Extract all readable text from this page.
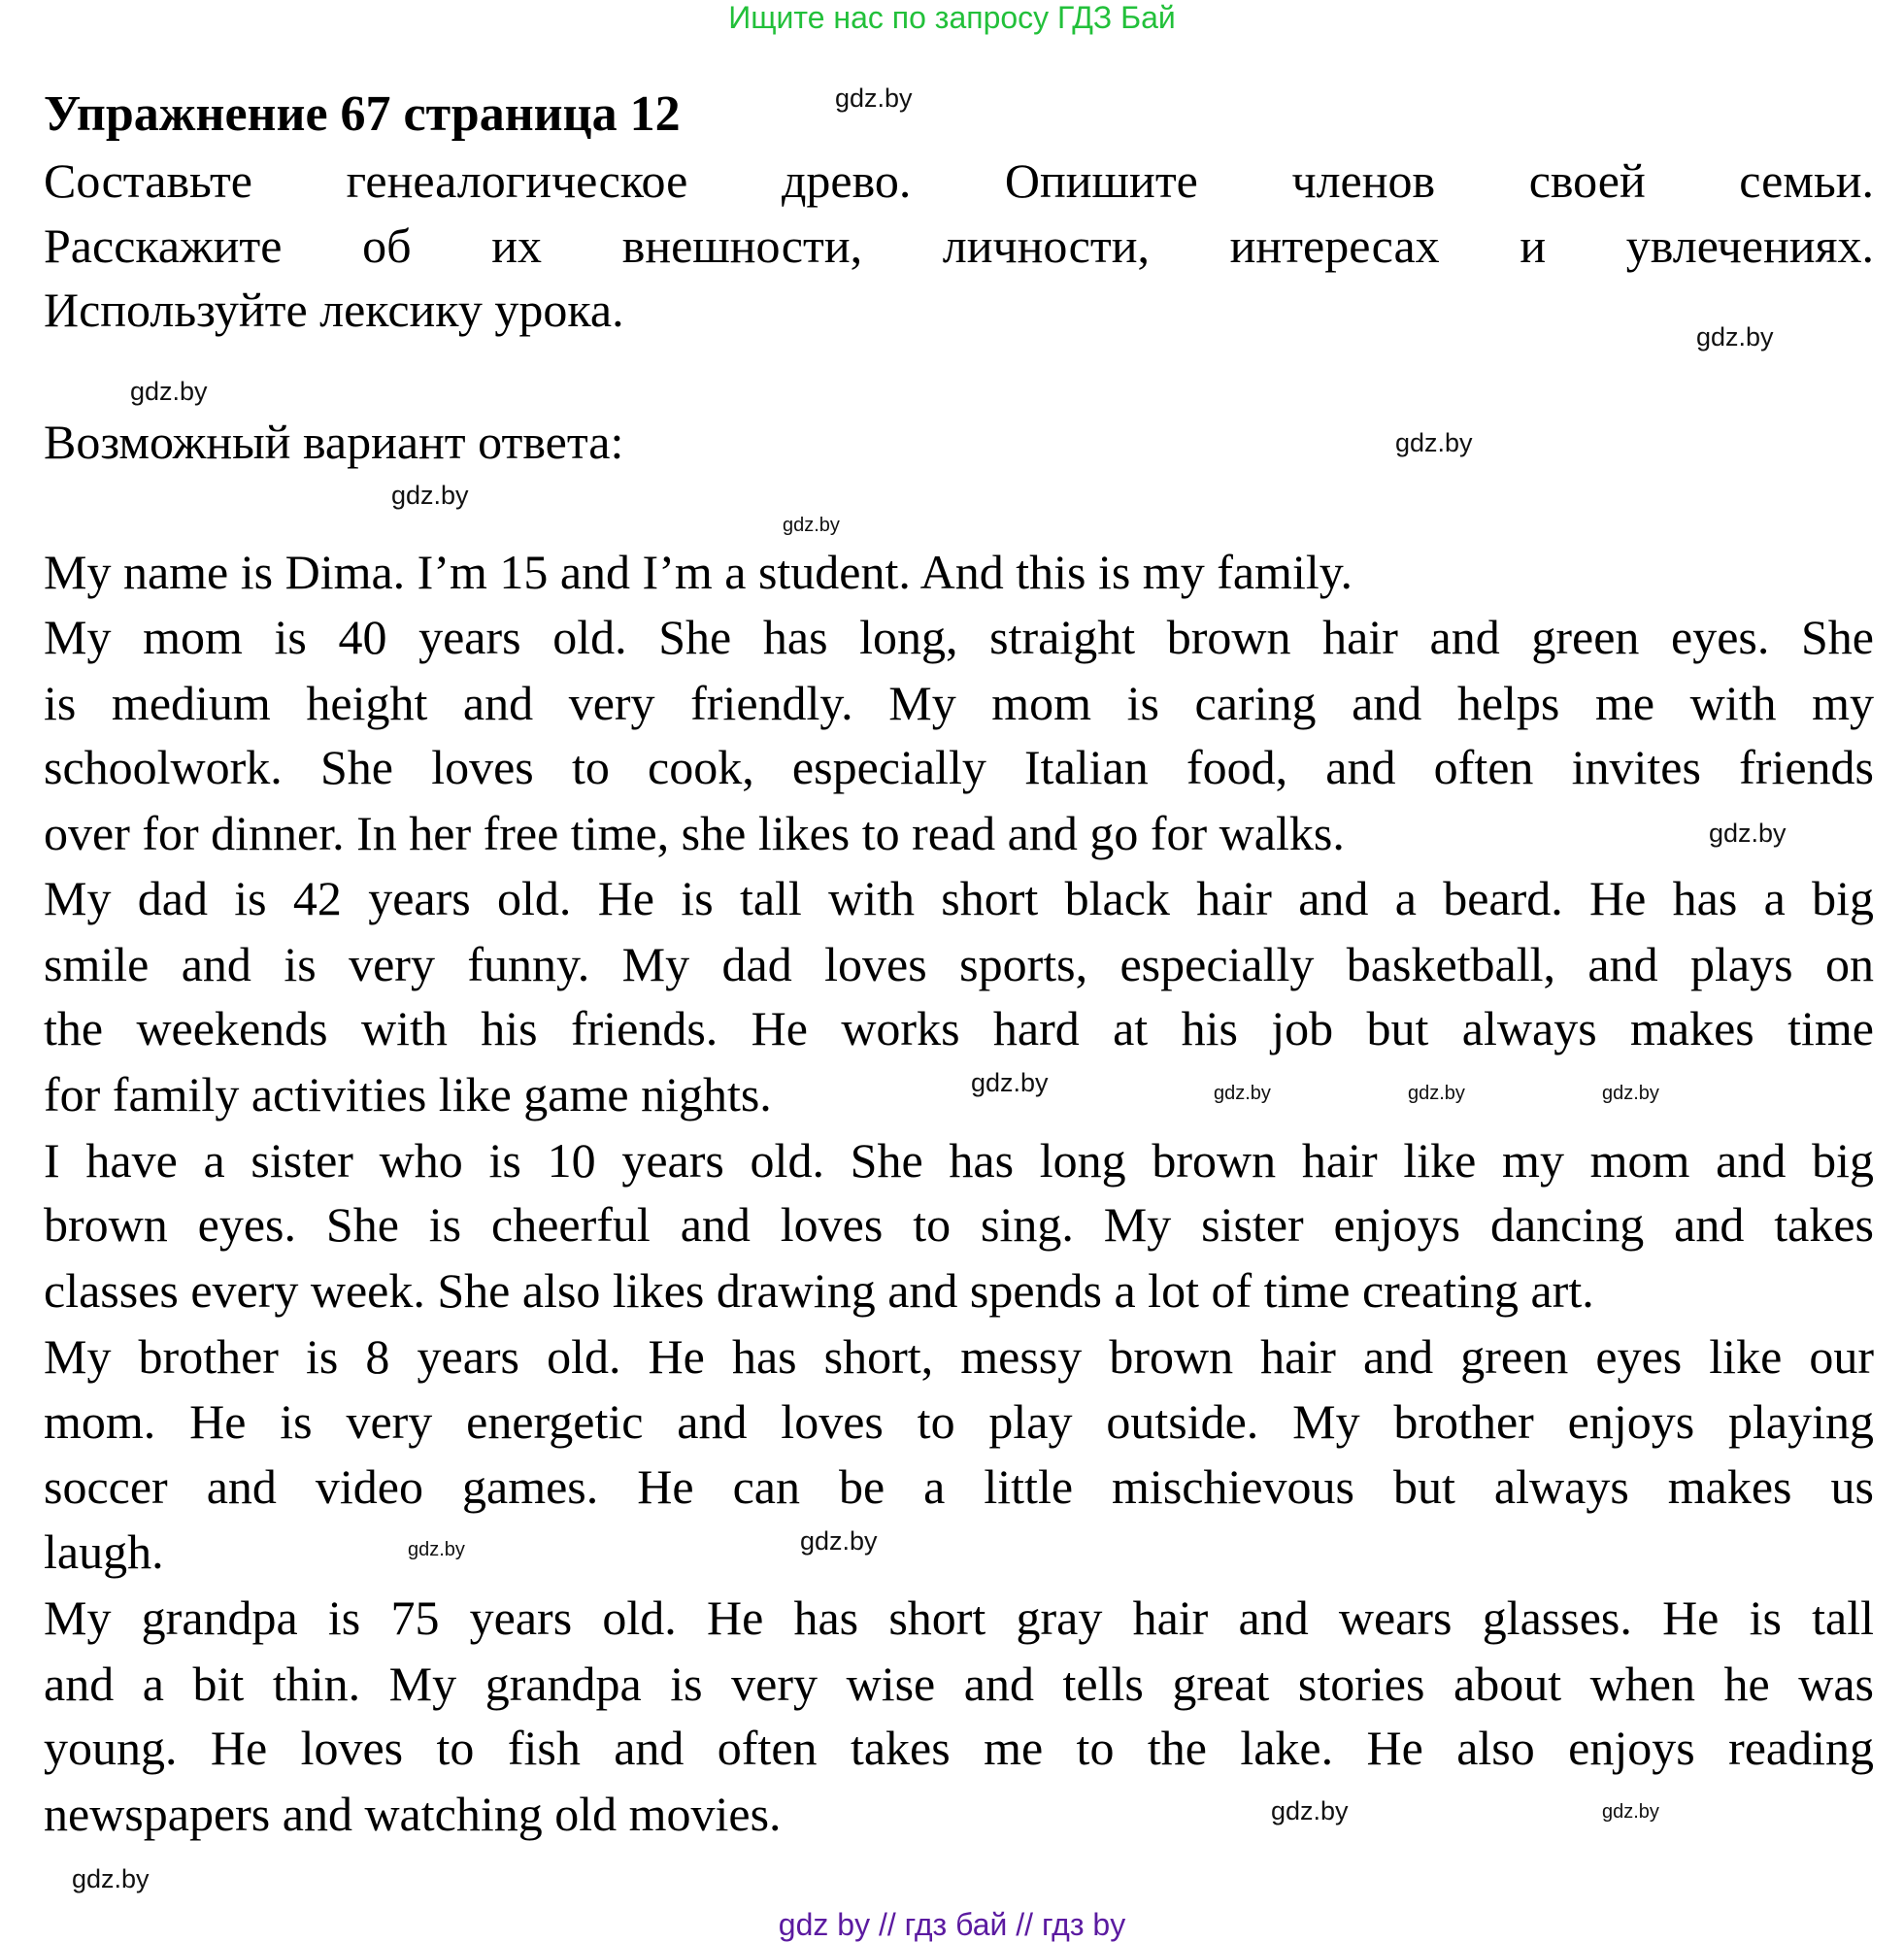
Ищите нас по запросу ГДЗ Бай
Упражнение 67 страница 12
Составьте генеалогическое древо. Опишите членов своей семьи.
Расскажите об их внешности, личности, интересах и увлечениях.
Используйте лексику урока.
Возможный вариант ответа:
My name is Dima. I’m 15 and I’m a student. And this is my family.
My mom is 40 years old. She has long, straight brown hair and green eyes. She
is medium height and very friendly. My mom is caring and helps me with my
schoolwork. She loves to cook, especially Italian food, and often invites friends
over for dinner. In her free time, she likes to read and go for walks.
My dad is 42 years old. He is tall with short black hair and a beard. He has a big
smile and is very funny. My dad loves sports, especially basketball, and plays on
the weekends with his friends. He works hard at his job but always makes time
for family activities like game nights.
I have a sister who is 10 years old. She has long brown hair like my mom and big
brown eyes. She is cheerful and loves to sing. My sister enjoys dancing and takes
classes every week. She also likes drawing and spends a lot of time creating art.
My brother is 8 years old. He has short, messy brown hair and green eyes like our
mom. He is very energetic and loves to play outside. My brother enjoys playing
soccer and video games. He can be a little mischievous but always makes us
laugh.
My grandpa is 75 years old. He has short gray hair and wears glasses. He is tall
and a bit thin. My grandpa is very wise and tells great stories about when he was
young. He loves to fish and often takes me to the lake. He also enjoys reading
newspapers and watching old movies.
gdz.by
gdz.by
gdz.by
gdz.by
gdz.by
gdz.by
gdz.by
gdz.by
gdz.by	gdz.by	gdz.by
gdz.by	gdz.by
gdz.by
gdz.by
gdz.by
gdz by // гдз бай // гдз by
